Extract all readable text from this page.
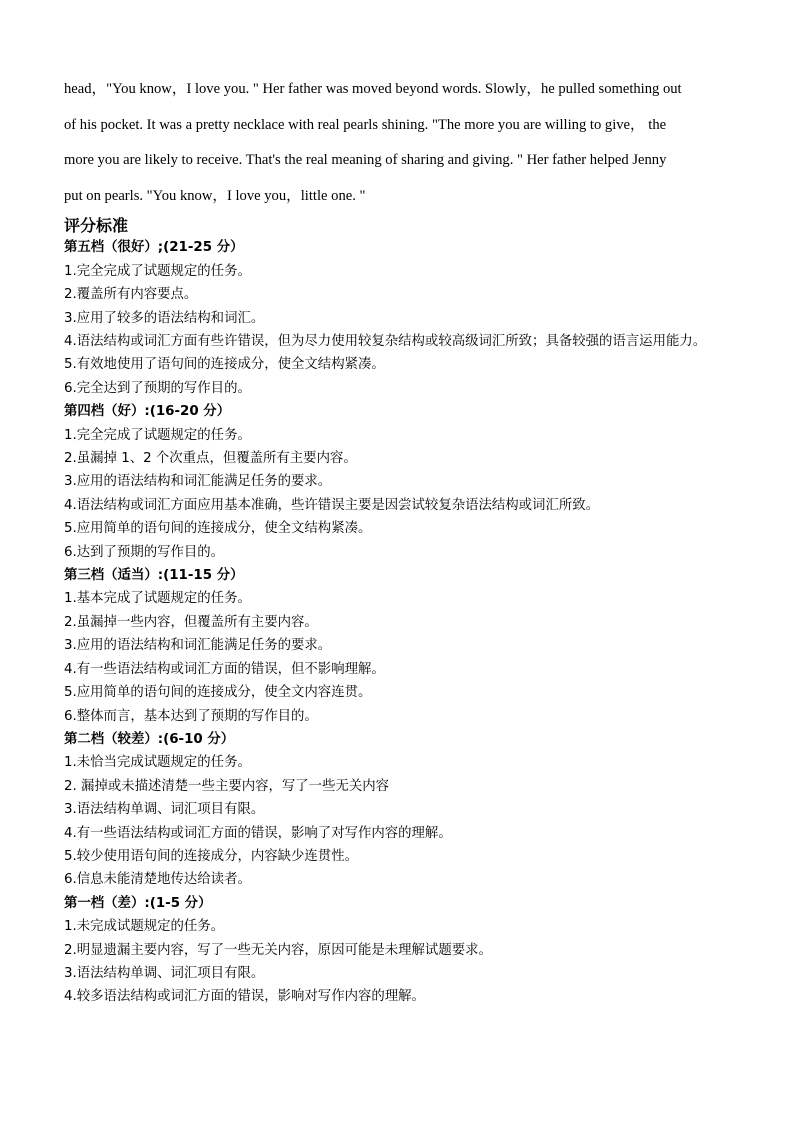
head，"You know，I love you. " Her father was moved beyond words. Slowly，he pulled something out
of his pocket. It was a pretty necklace with real pearls shining. "The more you are willing to give， the
more you are likely to receive. That's the real meaning of sharing and giving. " Her father helped Jenny
put on pearls. "You know，I love you，little one. "
评分标准
第五档（很好）;(21-25 分）
1.完全完成了试题规定的任务。
2.覆盖所有内容要点。
3.应用了较多的语法结构和词汇。
4.语法结构或词汇方面有些许错误，但为尽力使用较复杂结构或较高级词汇所致；具备较强的语言运用能力。
5.有效地使用了语句间的连接成分，使全文结构紧凑。
6.完全达到了预期的写作目的。
第四档（好）:(16-20 分）
1.完全完成了试题规定的任务。
2.虽漏掉 1、2 个次重点，但覆盖所有主要内容。
3.应用的语法结构和词汇能满足任务的要求。
4.语法结构或词汇方面应用基本准确，些许错误主要是因尝试较复杂语法结构或词汇所致。
5.应用简单的语句间的连接成分，使全文结构紧凑。
6.达到了预期的写作目的。
第三档（适当）:(11-15 分）
1.基本完成了试题规定的任务。
2.虽漏掉一些内容，但覆盖所有主要内容。
3.应用的语法结构和词汇能满足任务的要求。
4.有一些语法结构或词汇方面的错误，但不影响理解。
5.应用简单的语句间的连接成分，使全文内容连贯。
6.整体而言，基本达到了预期的写作目的。
第二档（较差）:(6-10 分）
1.未恰当完成试题规定的任务。
2. 漏掉或未描述清楚一些主要内容，写了一些无关内容
3.语法结构单调、词汇项目有限。
4.有一些语法结构或词汇方面的错误，影响了对写作内容的理解。
5.较少使用语句间的连接成分，内容缺少连贯性。
6.信息未能清楚地传达给读者。
第一档（差）:(1-5 分）
1.未完成试题规定的任务。
2.明显遗漏主要内容，写了一些无关内容，原因可能是未理解试题要求。
3.语法结构单调、词汇项目有限。
4.较多语法结构或词汇方面的错误，影响对写作内容的理解。
